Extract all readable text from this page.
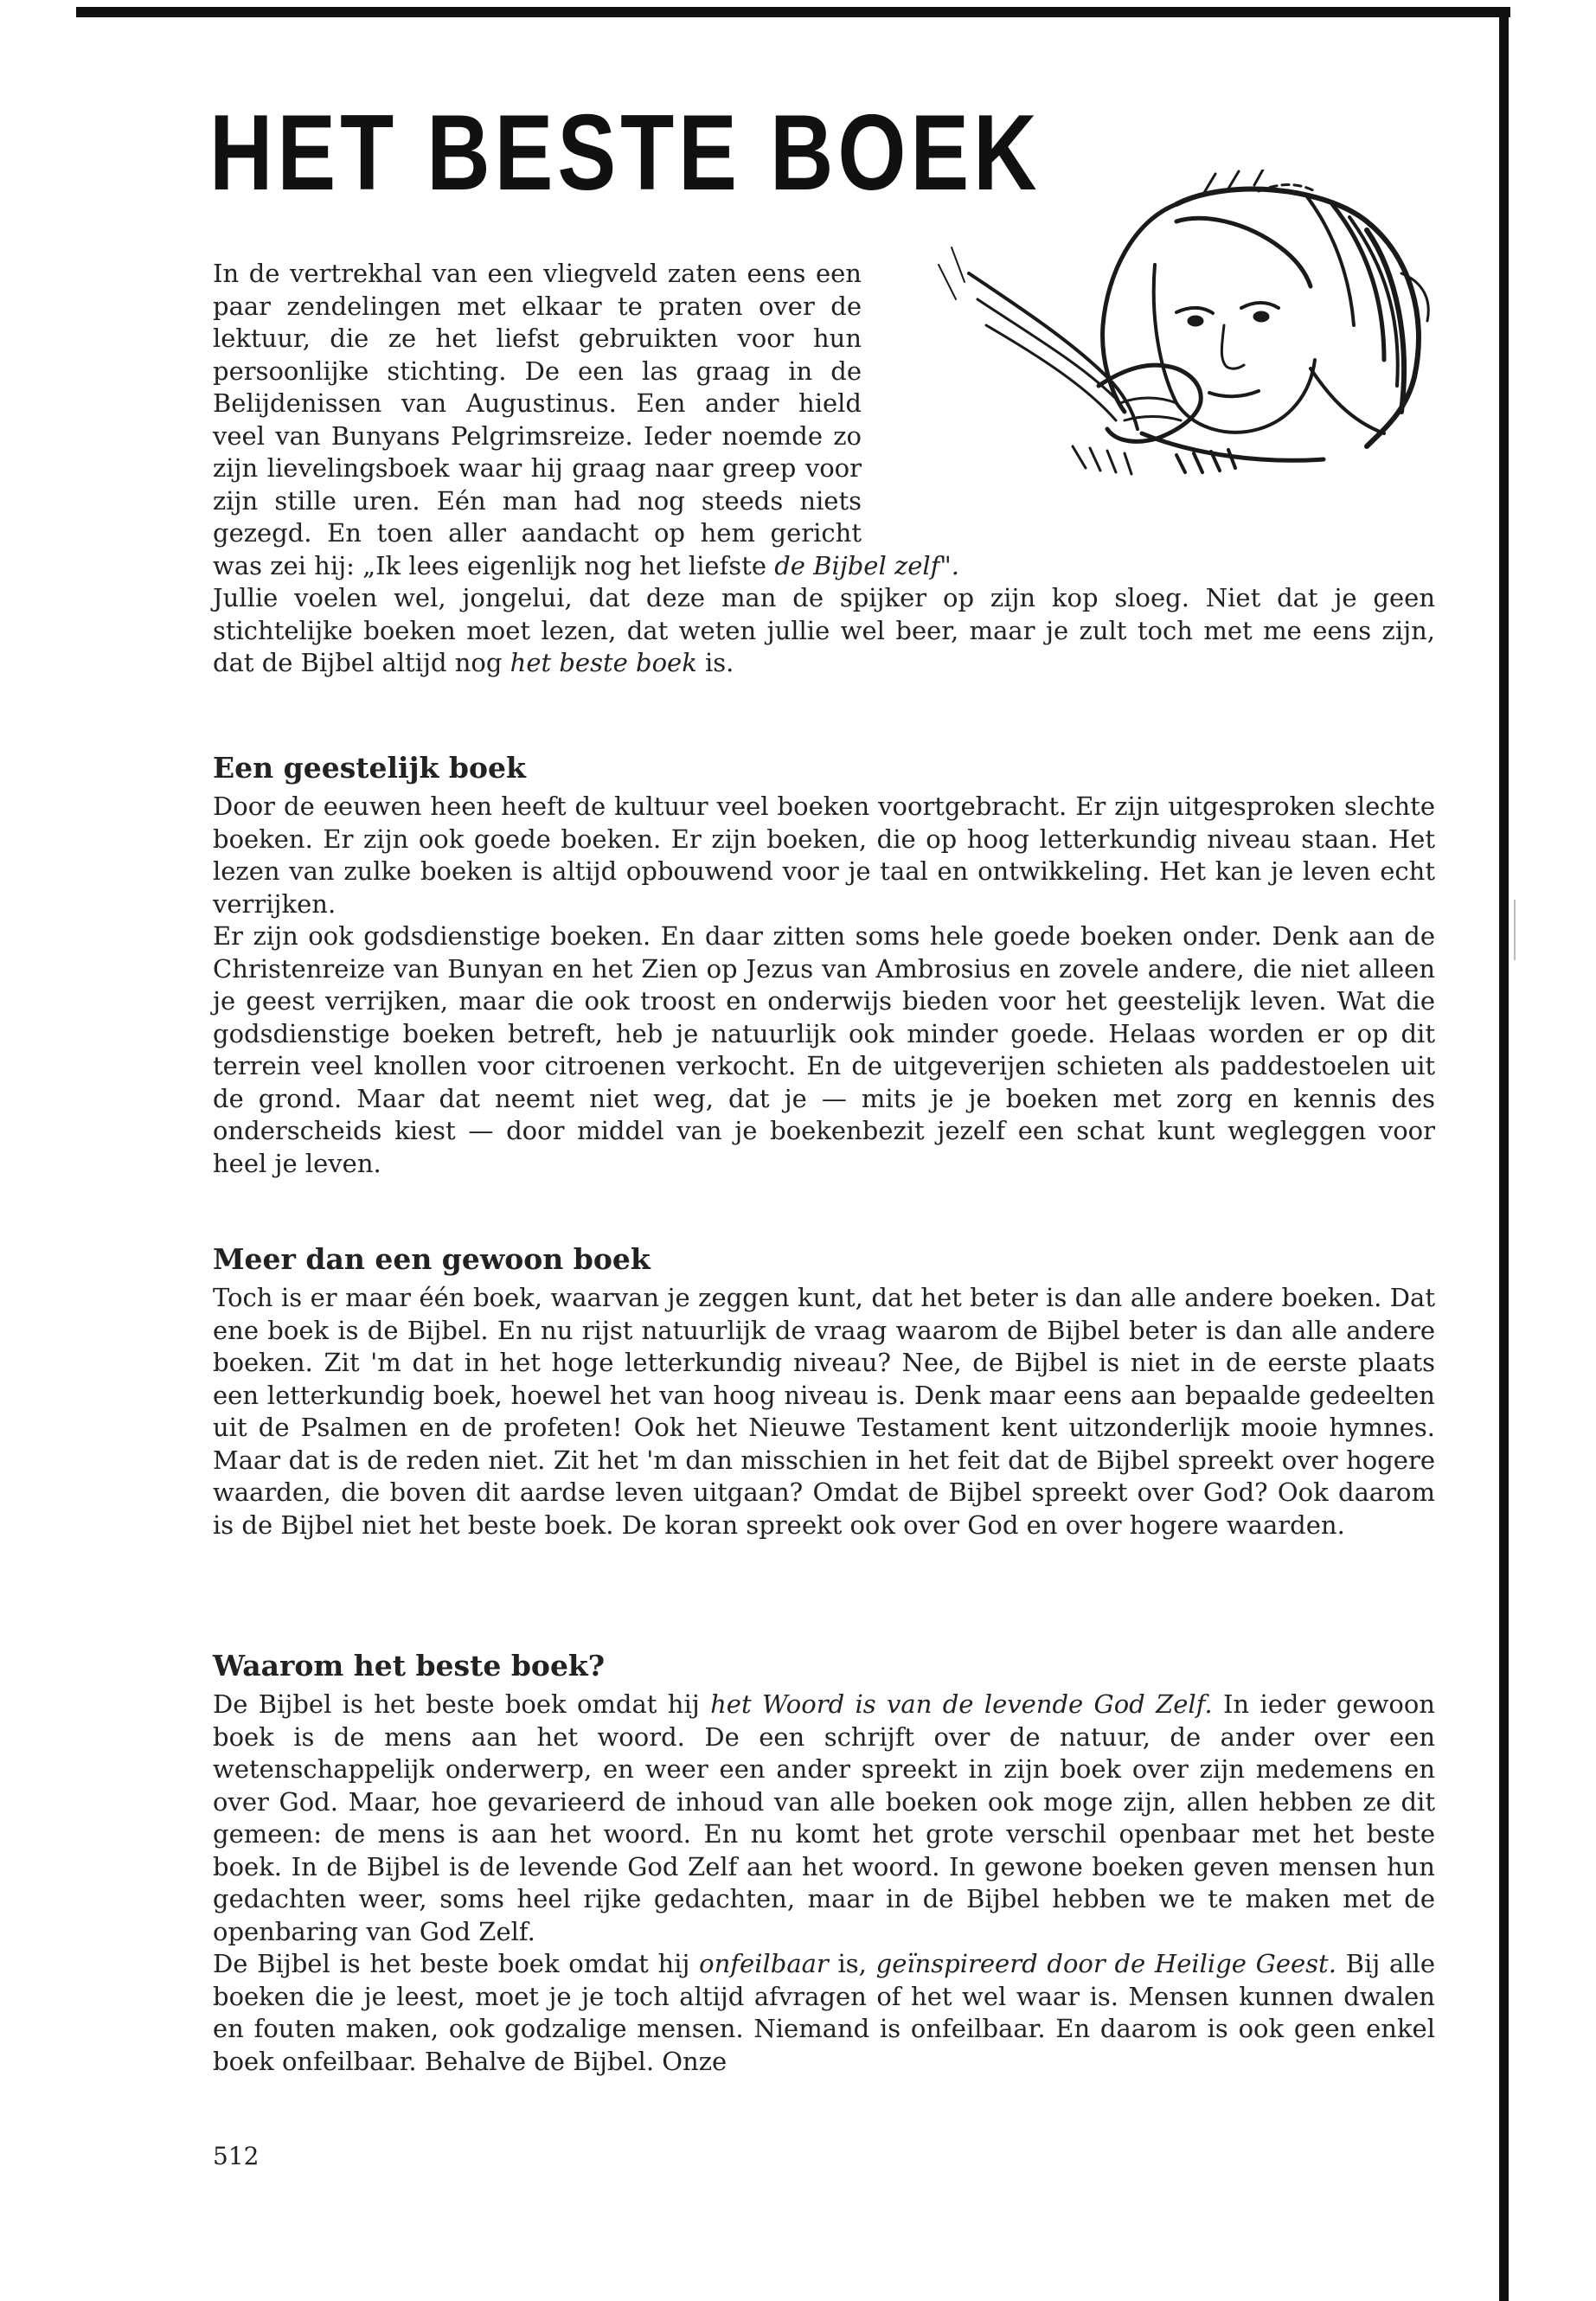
HET BESTE BOEK

In de vertrekhal van een vliegveld zaten eens een paar zendelingen met elkaar te praten over de lektuur, die ze het liefst gebruikten voor hun persoonlijke stichting. De een las graag in de Belijdenissen van Augustinus. Een ander hield veel van Bunyans Pelgrimsreize. Ieder noemde zo zijn lievelingsboek waar hij graag naar greep voor zijn stille uren. Eén man had nog steeds niets gezegd. En toen aller aandacht op hem gericht was zei hij: „Ik lees eigenlijk nog het liefste de Bijbel zelf".

Jullie voelen wel, jongelui, dat deze man de spijker op zijn kop sloeg. Niet dat je geen stichtelijke boeken moet lezen, dat weten jullie wel beer, maar je zult toch met me eens zijn, dat de Bijbel altijd nog het beste boek is.

Een geestelijk boek

Door de eeuwen heen heeft de kultuur veel boeken voortgebracht. Er zijn uitgesproken slechte boeken. Er zijn ook goede boeken. Er zijn boeken, die op hoog letterkundig niveau staan. Het lezen van zulke boeken is altijd opbouwend voor je taal en ontwikkeling. Het kan je leven echt verrijken.

Er zijn ook godsdienstige boeken. En daar zitten soms hele goede boeken onder. Denk aan de Christenreize van Bunyan en het Zien op Jezus van Ambrosius en zovele andere, die niet alleen je geest verrijken, maar die ook troost en onderwijs bieden voor het geestelijk leven. Wat die godsdienstige boeken betreft, heb je natuurlijk ook minder goede. Helaas worden er op dit terrein veel knollen voor citroenen verkocht. En de uitgeverijen schieten als paddestoelen uit de grond. Maar dat neemt niet weg, dat je — mits je je boeken met zorg en kennis des onderscheids kiest — door middel van je boekenbezit jezelf een schat kunt wegleggen voor heel je leven.

Meer dan een gewoon boek

Toch is er maar één boek, waarvan je zeggen kunt, dat het beter is dan alle andere boeken. Dat ene boek is de Bijbel. En nu rijst natuurlijk de vraag waarom de Bijbel beter is dan alle andere boeken. Zit 'm dat in het hoge letterkundig niveau? Nee, de Bijbel is niet in de eerste plaats een letterkundig boek, hoewel het van hoog niveau is. Denk maar eens aan bepaalde gedeelten uit de Psalmen en de profeten! Ook het Nieuwe Testament kent uitzonderlijk mooie hymnes. Maar dat is de reden niet. Zit het 'm dan misschien in het feit dat de Bijbel spreekt over hogere waarden, die boven dit aardse leven uitgaan? Omdat de Bijbel spreekt over God? Ook daarom is de Bijbel niet het beste boek. De koran spreekt ook over God en over hogere waarden.

Waarom het beste boek?

De Bijbel is het beste boek omdat hij het Woord is van de levende God Zelf. In ieder gewoon boek is de mens aan het woord. De een schrijft over de natuur, de ander over een wetenschappelijk onderwerp, en weer een ander spreekt in zijn boek over zijn medemens en over God. Maar, hoe gevarieerd de inhoud van alle boeken ook moge zijn, allen hebben ze dit gemeen: de mens is aan het woord. En nu komt het grote verschil openbaar met het beste boek. In de Bijbel is de levende God Zelf aan het woord. In gewone boeken geven mensen hun gedachten weer, soms heel rijke gedachten, maar in de Bijbel hebben we te maken met de openbaring van God Zelf.

De Bijbel is het beste boek omdat hij onfeilbaar is, geïnspireerd door de Heilige Geest. Bij alle boeken die je leest, moet je je toch altijd afvragen of het wel waar is. Mensen kunnen dwalen en fouten maken, ook godzalige mensen. Niemand is onfeilbaar. En daarom is ook geen enkel boek onfeilbaar. Behalve de Bijbel. Onze

512
